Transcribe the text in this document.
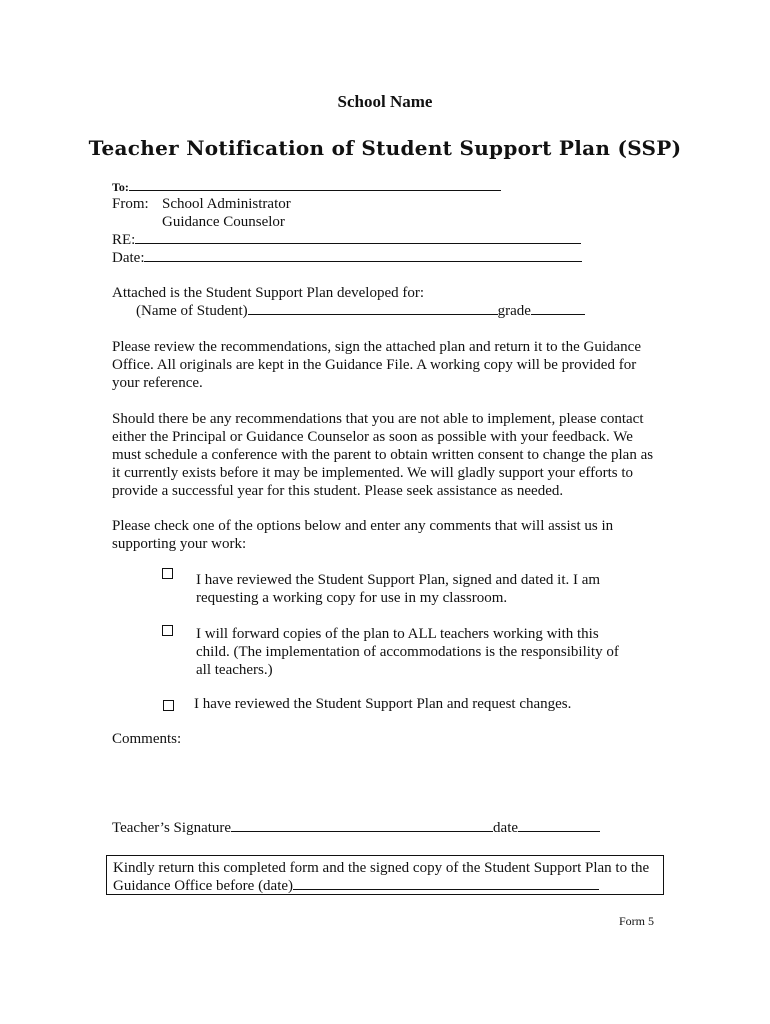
School Name
Teacher Notification of Student Support Plan (SSP)
To:
From: School Administrator
Guidance Counselor
RE:
Date:
Attached is the Student Support Plan developed for:
(Name of Student)	grade
Please review the recommendations, sign the attached plan and return it to the Guidance Office. All originals are kept in the Guidance File. A working copy will be provided for your reference.
Should there be any recommendations that you are not able to implement, please contact either the Principal or Guidance Counselor as soon as possible with your feedback. We must schedule a conference with the parent to obtain written consent to change the plan as it currently exists before it may be implemented. We will gladly support your efforts to provide a successful year for this student. Please seek assistance as needed.
Please check one of the options below and enter any comments that will assist us in supporting your work:
I have reviewed the Student Support Plan, signed and dated it. I am requesting a working copy for use in my classroom.
I will forward copies of the plan to ALL teachers working with this child. (The implementation of accommodations is the responsibility of all teachers.)
I have reviewed the Student Support Plan and request changes.
Comments:
Teacher’s Signature	date
Kindly return this completed form and the signed copy of the Student Support Plan to the
Guidance Office before (date)
Form 5
